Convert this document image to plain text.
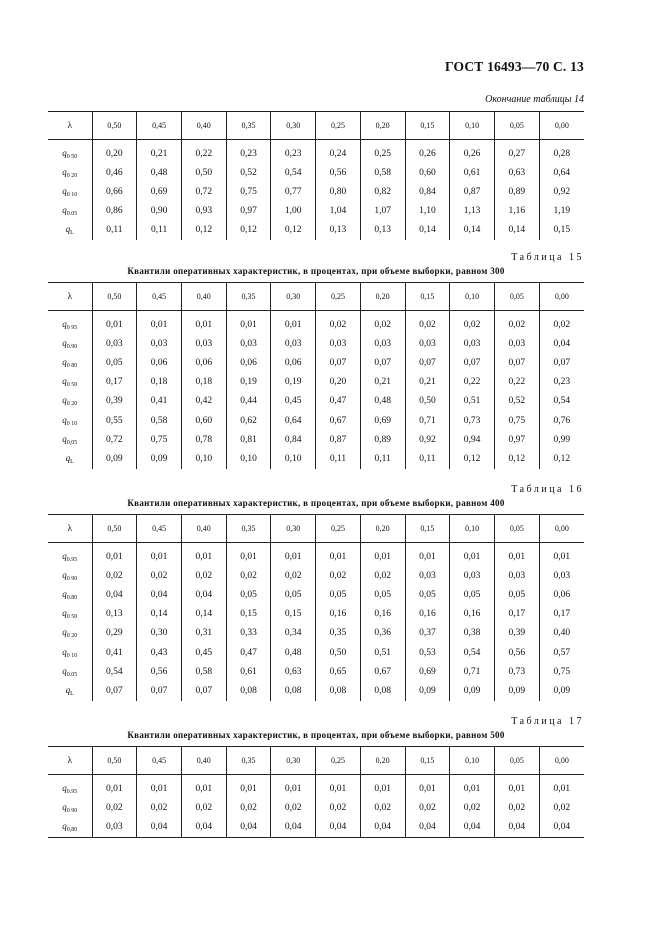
ГОСТ 16493—70 С. 13
Окончание таблицы 14
λ	0,50	0,45	0,40	0,35	0,30	0,25	0,20	0,15	0,10	0,05	0,00
$q_{0 50}$	0,20	0,21	0,22	0,23	0,23	0,24	0,25	0,26	0,26	0,27	0,28
$q_{0 20}$	0,46	0,48	0,50	0,52	0,54	0,56	0,58	0,60	0,61	0,63	0,64
$q_{0 10}$	0,66	0,69	0,72	0,75	0,77	0,80	0,82	0,84	0,87	0,89	0,92
$q_{0.05}$	0,86	0,90	0,93	0,97	1,00	1,04	1,07	1,10	1,13	1,16	1,19
$q_L$	0,11	0,11	0,12	0,12	0,12	0,13	0,13	0,14	0,14	0,14	0,15
Таблица 15
Квантили оперативных характеристик, в процентах, при объеме выборки, равном 300
λ	0,50	0,45	0,40	0,35	0,30	0,25	0,20	0,15	0,10	0,05	0,00
$q_{0 95}$	0,01	0,01	0,01	0,01	0,01	0,02	0,02	0,02	0,02	0,02	0,02
$q_{0.90}$	0,03	0,03	0,03	0,03	0,03	0,03	0,03	0,03	0,03	0,03	0,04
$q_{0 80}$	0,05	0,06	0,06	0,06	0,06	0,07	0,07	0,07	0,07	0,07	0,07
$q_{0 50}$	0,17	0,18	0,18	0,19	0,19	0,20	0,21	0,21	0,22	0,22	0,23
$q_{0 20}$	0,39	0,41	0,42	0,44	0,45	0,47	0,48	0,50	0,51	0,52	0,54
$q_{0 10}$	0,55	0,58	0,60	0,62	0,64	0,67	0,69	0,71	0,73	0,75	0,76
$q_{0,05}$	0,72	0,75	0,78	0,81	0,84	0,87	0,89	0,92	0,94	0,97	0,99
$q_L$	0,09	0,09	0,10	0,10	0,10	0,11	0,11	0,11	0,12	0,12	0,12
Таблица 16
Квантили оперативных характеристик, в процентах, при объеме выборки, равном 400
λ	0,50	0,45	0,40	0,35	0,30	0,25	0,20	0,15	0,10	0,05	0,00
$q_{0.95}$	0,01	0,01	0,01	0,01	0,01	0,01	0,01	0,01	0,01	0,01	0,01
$q_{0 90}$	0,02	0,02	0,02	0,02	0,02	0,02	0,02	0,03	0,03	0,03	0,03
$q_{0.80}$	0,04	0,04	0,04	0,05	0,05	0,05	0,05	0,05	0,05	0,05	0,06
$q_{0 50}$	0,13	0,14	0,14	0,15	0,15	0,16	0,16	0,16	0,16	0,17	0,17
$q_{0 20}$	0,29	0,30	0,31	0,33	0,34	0,35	0,36	0,37	0,38	0,39	0,40
$q_{0 10}$	0,41	0,43	0,45	0,47	0,48	0,50	0,51	0,53	0,54	0,56	0,57
$q_{0.05}$	0,54	0,56	0,58	0,61	0,63	0,65	0,67	0,69	0,71	0,73	0,75
$q_L$	0,07	0,07	0,07	0,08	0,08	0,08	0,08	0,09	0,09	0,09	0,09
Таблица 17
Квантили оперативных характеристик, в процентах, при объеме выборки, равном 500
λ	0,50	0,45	0,40	0,35	0,30	0,25	0,20	0,15	0,10	0,05	0,00
$q_{0.95}$	0,01	0,01	0,01	0,01	0,01	0,01	0,01	0,01	0,01	0,01	0,01
$q_{0 90}$	0,02	0,02	0,02	0,02	0,02	0,02	0,02	0,02	0,02	0,02	0,02
$q_{0,80}$	0,03	0,04	0,04	0,04	0,04	0,04	0,04	0,04	0,04	0,04	0,04
